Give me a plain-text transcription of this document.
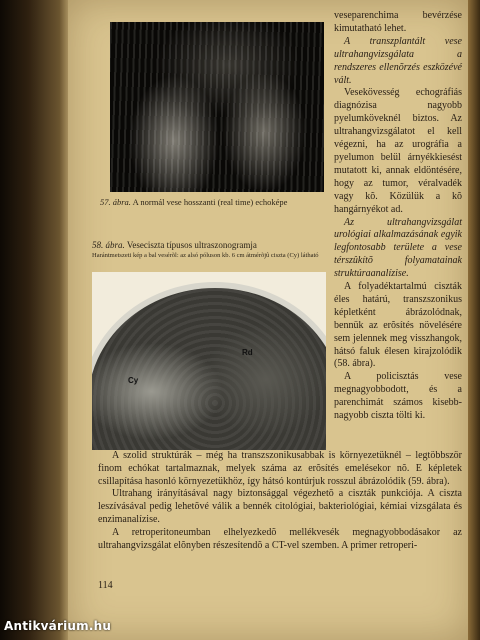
57. ábra. A normál vese hosszanti (real time) echoképe
58. ábra. Veseciszta típusos ultraszonogramja
Harántmetszeti kép a bal vesérõl: az alsó póluson kb. 6 cm átmérõjû ciszta (Cy) látható
Rd
Cy

veseparenchima bevérzése kimutatható lehet.

A transzplantált vese ultrahangvizsgálata a rendszeres ellenõrzés eszközévé vált.

Vesekövesség echográfiás diagnózisa nagyobb pyelumköveknél biztos. Az ultrahangvizsgálatot el kell végezni, ha az urográfia a pyelumon belül árnyékkiesést mutatott ki, annak eldöntésére, hogy az tumor, véralvadék vagy kõ. Közülük a kõ hangárnyékot ad.

Az ultrahangvizsgálat urológiai alkalmazásának egyik legfontosabb területe a vese térszûkítõ folyamatainak struktúraanalízise.

A folyadéktartalmú ciszták éles határú, transzszonikus képletként ábrázolódnak, bennük az erõsítés növelésére sem jelennek meg visszhangok, hátsó faluk élesen kirajzolódik (58. ábra).

A policisztás vese megnagyobbodott, és a parenchimát számos kisebb-nagyobb ciszta tölti ki.

A szolid struktúrák – még ha transzszonikusabbak is környezetüknél – legtöbbször finom echókat tartalmaznak, melyek száma az erõsítés emelésekor nõ. E képletek csillapítása hasonló környezetükhöz, így hátsó kontúrjuk rosszul ábrázolódik (59. ábra).

Ultrahang irányításával nagy biztonsággal végezhetõ a ciszták punkciója. A ciszta leszívásával pedig lehetõvé válik a bennék citológiai, bakteriológiai, kémiai vizsgálata és enzimanalízise.

A retroperitoneumban elhelyezkedõ mellékvesék megnagyobbodásakor az ultrahangvizsgálat elõnyben részesítendõ a CT-vel szemben. A primer retroperi-

114
Antikvárium.hu
